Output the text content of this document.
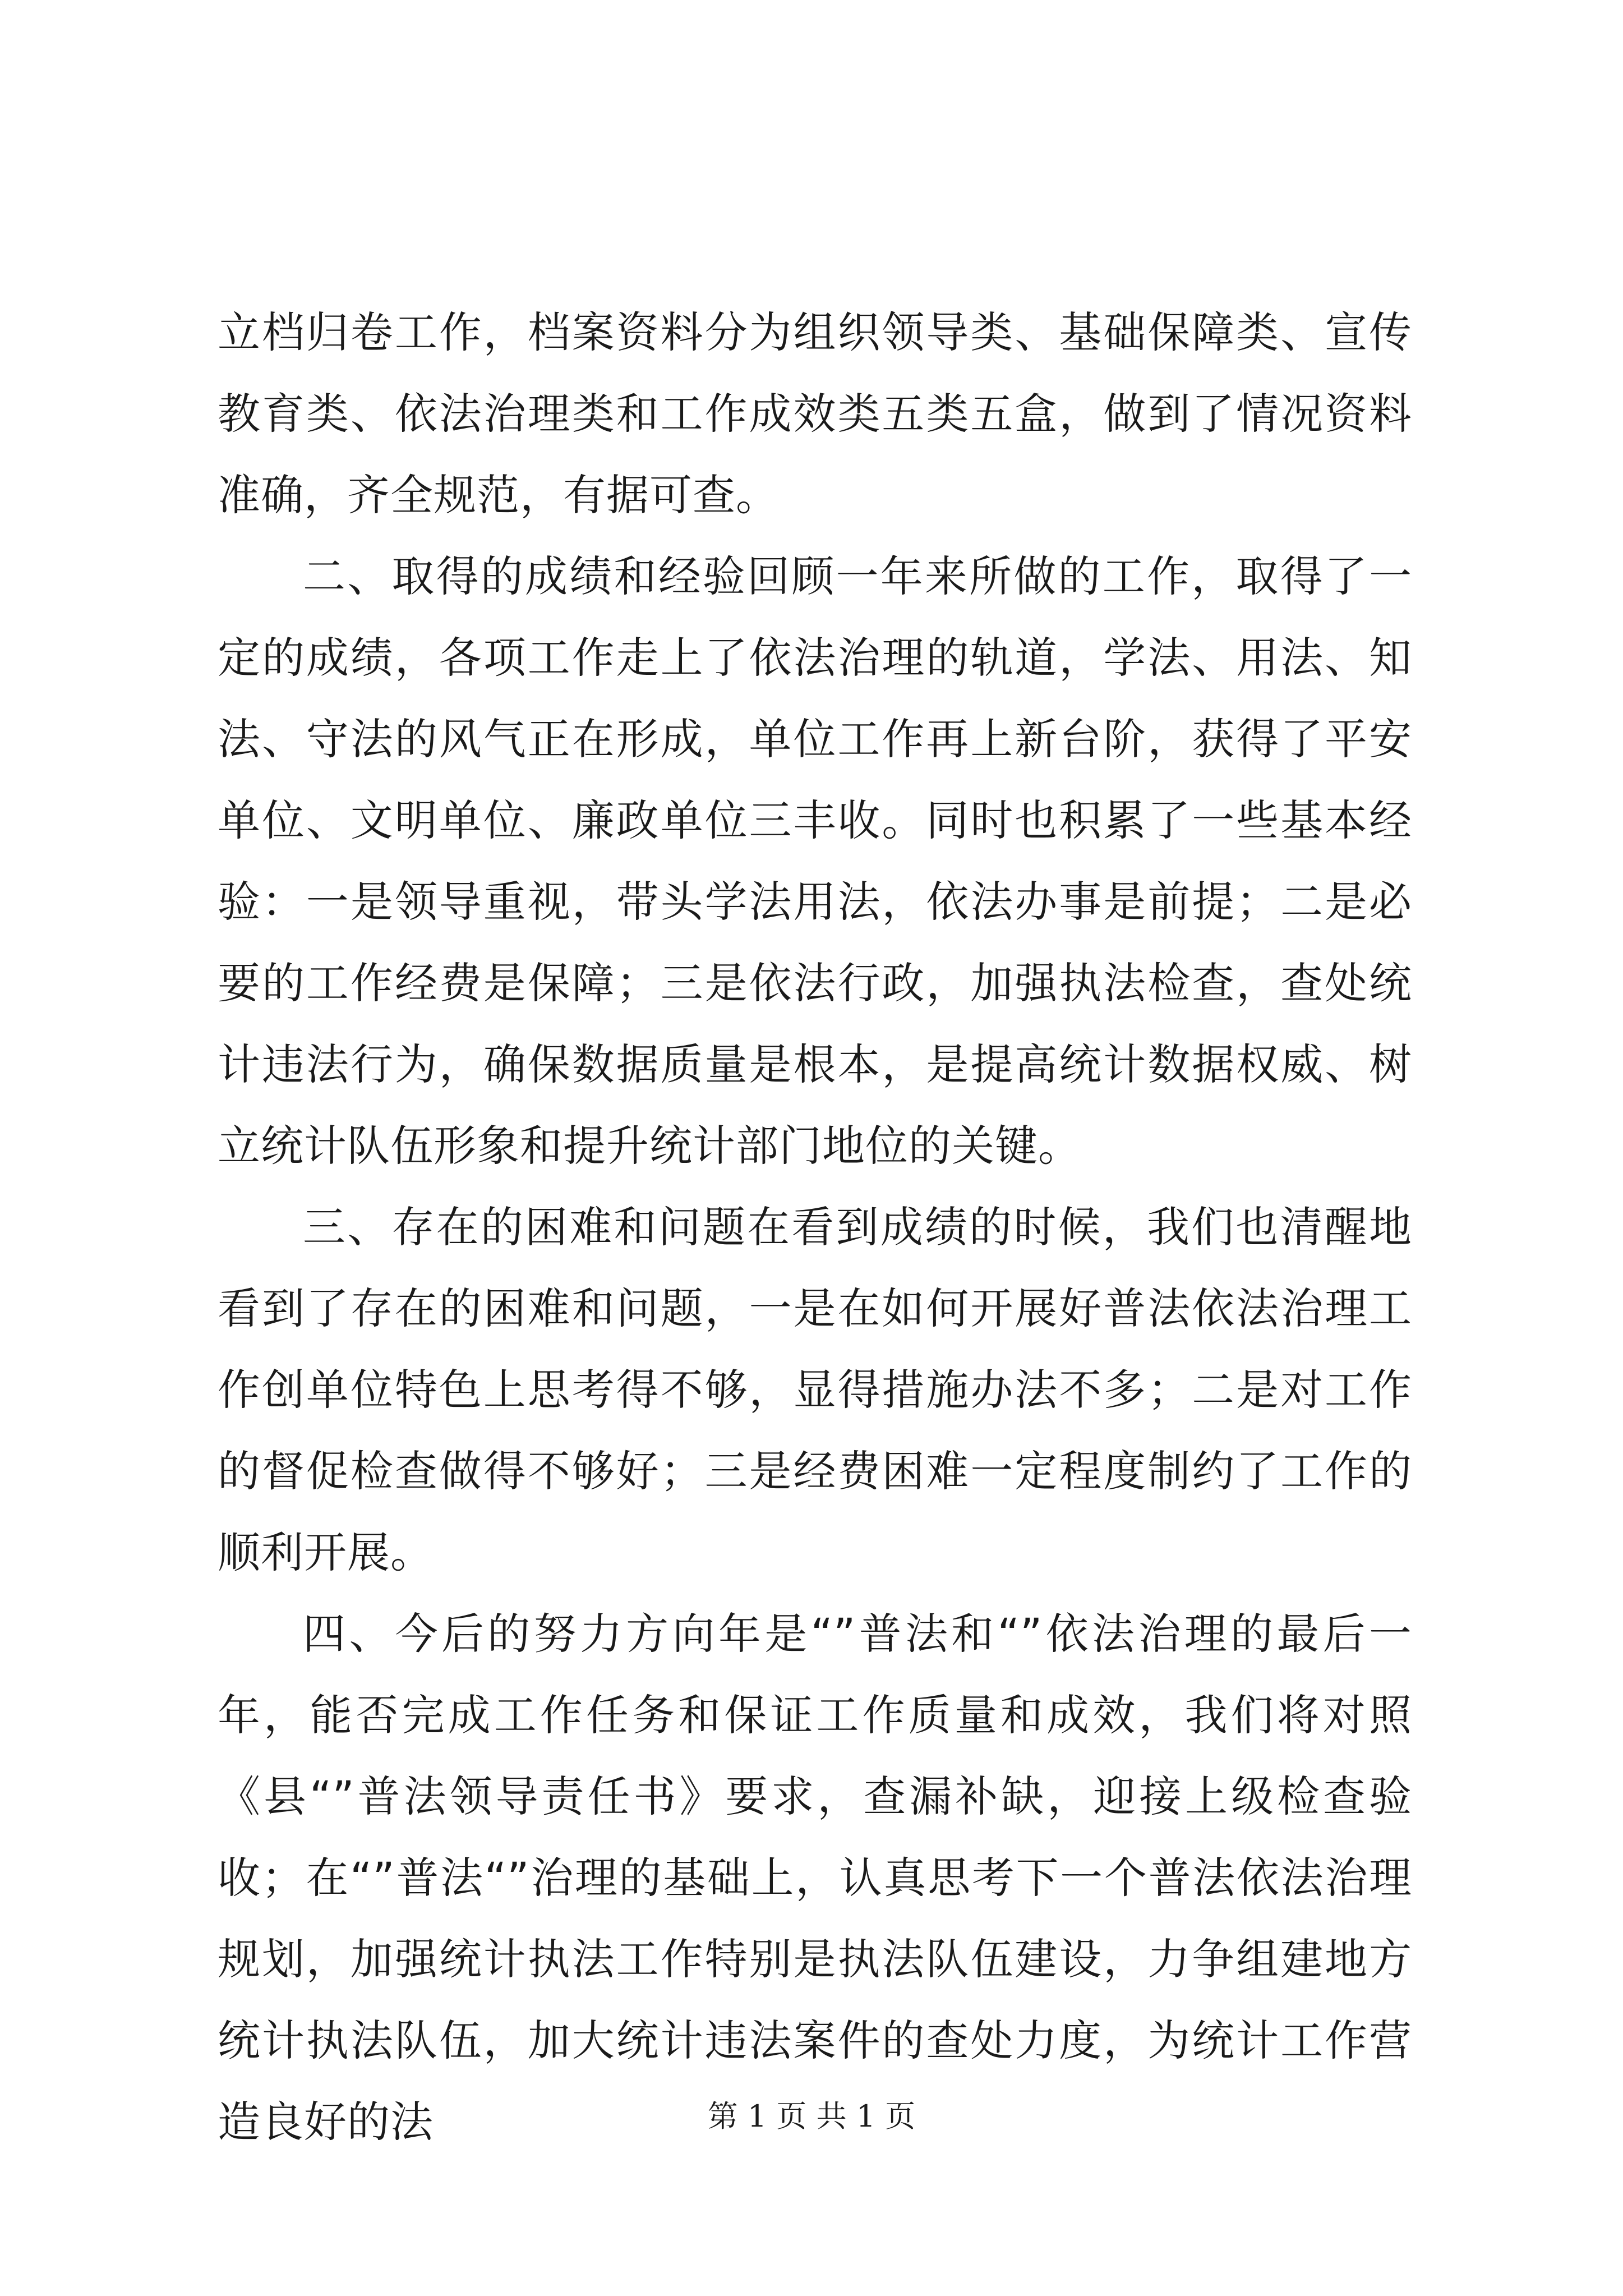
立档归卷工作，档案资料分为组织领导类、基础保障类、宣传教育类、依法治理类和工作成效类五类五盒，做到了情况资料准确，齐全规范，有据可查。

二、取得的成绩和经验回顾一年来所做的工作，取得了一定的成绩，各项工作走上了依法治理的轨道，学法、用法、知法、守法的风气正在形成，单位工作再上新台阶，获得了平安单位、文明单位、廉政单位三丰收。同时也积累了一些基本经验：一是领导重视，带头学法用法，依法办事是前提；二是必要的工作经费是保障；三是依法行政，加强执法检查，查处统计违法行为，确保数据质量是根本，是提高统计数据权威、树立统计队伍形象和提升统计部门地位的关键。

三、存在的困难和问题在看到成绩的时候，我们也清醒地看到了存在的困难和问题，一是在如何开展好普法依法治理工作创单位特色上思考得不够，显得措施办法不多；二是对工作的督促检查做得不够好；三是经费困难一定程度制约了工作的顺利开展。

四、今后的努力方向年是“”普法和“”依法治理的最后一年，能否完成工作任务和保证工作质量和成效，我们将对照《县“”普法领导责任书》要求，查漏补缺，迎接上级检查验收；在“”普法“”治理的基础上，认真思考下一个普法依法治理规划，加强统计执法工作特别是执法队伍建设，力争组建地方统计执法队伍，加大统计违法案件的查处力度，为统计工作营造良好的法	第 1 页 共 1 页
